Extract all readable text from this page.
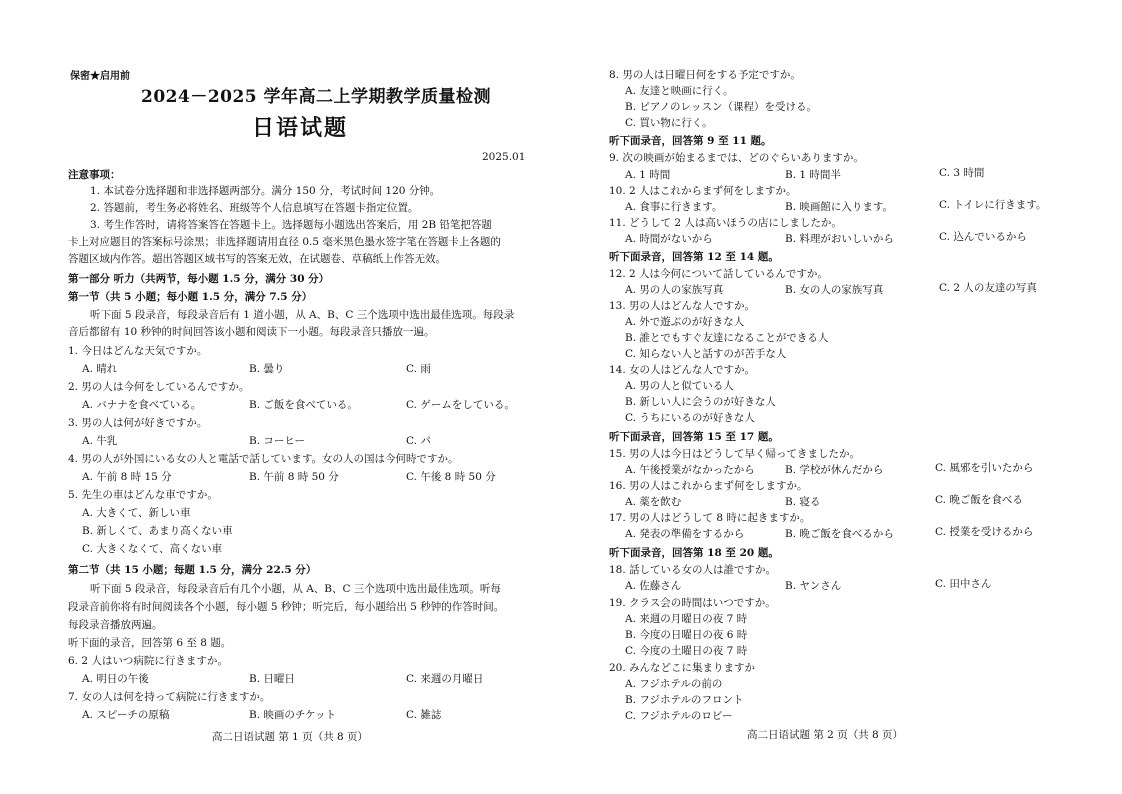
保密★启用前
2024－2025 学年高二上学期教学质量检测
日语试题
2025.01
注意事项：
1. 本试卷分选择题和非选择题两部分。满分 150 分，考试时间 120 分钟。
2. 答题前，考生务必将姓名、班级等个人信息填写在答题卡指定位置。
3. 考生作答时，请将答案答在答题卡上。选择题每小题选出答案后，用 2B 铅笔把答题
卡上对应题目的答案标号涂黑；非选择题请用直径 0.5 毫米黑色墨水签字笔在答题卡上各题的
答题区域内作答。超出答题区域书写的答案无效，在试题卷、草稿纸上作答无效。
第一部分 听力（共两节，每小题 1.5 分，满分 30 分）
第一节（共 5 小题；每小题 1.5 分，满分 7.5 分）
听下面 5 段录音，每段录音后有 1 道小题，从 A、B、C 三个选项中选出最佳选项。每段录
音后都留有 10 秒钟的时间回答该小题和阅读下一小题。每段录音只播放一遍。
1. 今日はどんな天気ですか。
A. 晴れ	B. 曇り	C. 雨
2. 男の人は今何をしているんですか。
A. バナナを食べている。	B. ご飯を食べている。	C. ゲームをしている。
3. 男の人は何が好きですか。
A. 牛乳	B. コーヒー	C. パ
4. 男の人が外国にいる女の人と電話で話しています。女の人の国は今何時ですか。
A. 午前 8 時 15 分	B. 午前 8 時 50 分	C. 午後 8 時 50 分
5. 先生の車はどんな車ですか。
A. 大きくて、新しい車
B. 新しくて、あまり高くない車
C. 大きくなくて、高くない車
第二节（共 15 小题；每题 1.5 分，满分 22.5 分）
听下面 5 段录音，每段录音后有几个小题，从 A、B、C 三个选项中选出最佳选项。听每
段录音前你将有时间阅读各个小题，每小题 5 秒钟；听完后，每小题给出 5 秒钟的作答时间。
每段录音播放两遍。
听下面的录音，回答第 6 至 8 题。
6. 2 人はいつ病院に行きますか。
A. 明日の午後	B. 日曜日	C. 来週の月曜日
7. 女の人は何を持って病院に行きますか。
A. スピーチの原稿	B. 映画のチケット	C. 雑誌
高二日语试题 第 1 页（共 8 页）
8. 男の人は日曜日何をする予定ですか。
A. 友達と映画に行く。
B. ピアノのレッスン（课程）を受ける。
C. 買い物に行く。
听下面录音，回答第 9 至 11 题。
9. 次の映画が始まるまでは、どのぐらいありますか。
A. 1 時間	B. 1 時間半	C. 3 時間
10. 2 人はこれからまず何をしますか。
A. 食事に行きます。	B. 映画館に入ります。	C. トイレに行きます。
11. どうして 2 人は高いほうの店にしましたか。
A. 時間がないから	B. 料理がおいしいから	C. 込んでいるから
听下面录音，回答第 12 至 14 题。
12. 2 人は今何について話しているんですか。
A. 男の人の家族写真	B. 女の人の家族写真	C. 2 人の友達の写真
13. 男の人はどんな人ですか。
A. 外で遊ぶのが好きな人
B. 誰とでもすぐ友達になることができる人
C. 知らない人と話すのが苦手な人
14. 女の人はどんな人ですか。
A. 男の人と似ている人
B. 新しい人に会うのが好きな人
C. うちにいるのが好きな人
听下面录音，回答第 15 至 17 题。
15. 男の人は今日はどうして早く帰ってきましたか。
A. 午後授業がなかったから	B. 学校が休んだから	C. 風邪を引いたから
16. 男の人はこれからまず何をしますか。
A. 薬を飲む	B. 寝る	C. 晩ご飯を食べる
17. 男の人はどうして 8 時に起きますか。
A. 発表の準備をするから	B. 晩ご飯を食べるから	C. 授業を受けるから
听下面录音，回答第 18 至 20 题。
18. 話している女の人は誰ですか。
A. 佐藤さん	B. ヤンさん	C. 田中さん
19. クラス会の時間はいつですか。
A. 来週の月曜日の夜 7 時
B. 今度の日曜日の夜 6 時
C. 今度の土曜日の夜 7 時
20. みんなどこに集まりますか
A. フジホテルの前の
B. フジホテルのフロント
C. フジホテルのロビー
高二日语试题 第 2 页（共 8 页）
